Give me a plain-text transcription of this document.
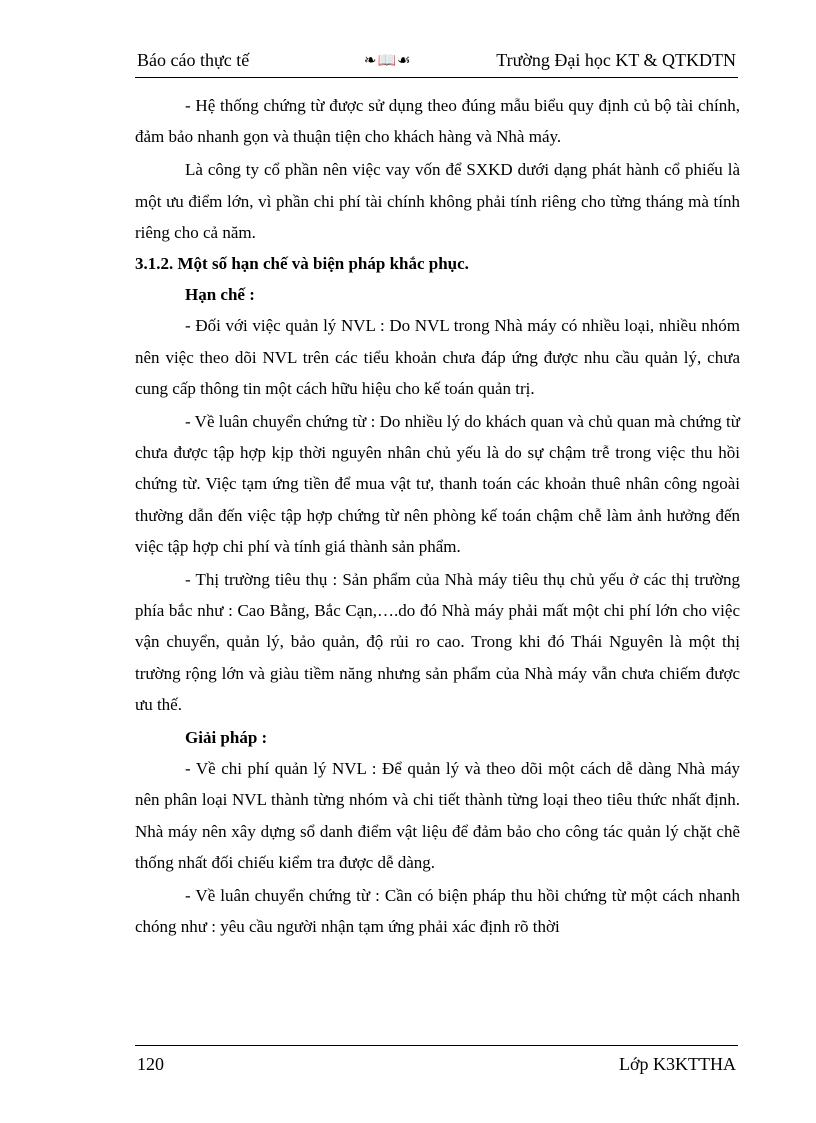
Báo cáo thực tế	❧📖☙	Trường Đại học KT & QTKDTN

- Hệ thống chứng từ được sử dụng theo đúng mẫu biểu quy định củ bộ tài chính, đảm bảo nhanh gọn và thuận tiện cho khách hàng và Nhà máy.

Là công ty cổ phần nên việc vay vốn để SXKD dưới dạng phát hành cổ phiếu là một ưu điểm lớn, vì phần chi phí tài chính không phải tính riêng cho từng tháng mà tính riêng cho cả năm.

3.1.2. Một số hạn chế và biện pháp khắc phục.

Hạn chế :

- Đối với việc quản lý NVL : Do NVL trong Nhà máy có nhiều loại, nhiều nhóm nên việc theo dõi NVL trên các tiểu khoản chưa đáp ứng được nhu cầu quản lý, chưa cung cấp thông tin một cách hữu hiệu cho kế toán quản trị.

- Về luân chuyển chứng từ : Do nhiều lý do khách quan và chủ quan mà chứng từ chưa được tập hợp kịp thời nguyên nhân chủ yếu là do sự chậm trễ trong việc thu hồi chứng từ. Việc tạm ứng tiền để mua vật tư, thanh toán các khoản thuê nhân công ngoài thường dẫn đến việc tập hợp chứng từ nên phòng kế toán chậm chễ làm ảnh hưởng đến việc tập hợp chi phí và tính giá thành sản phẩm.

- Thị trường tiêu thụ : Sản phẩm của Nhà máy tiêu thụ chủ yếu ở các thị trường phía bắc như : Cao Bằng, Bắc Cạn,….do đó Nhà máy phải mất một chi phí lớn cho việc vận chuyển, quản lý, bảo quản, độ rủi ro cao. Trong khi đó Thái Nguyên là một thị trường rộng lớn và giàu tiềm năng nhưng sản phẩm của Nhà máy vẫn chưa chiếm được ưu thế.

Giải pháp :

- Về chi phí quản lý NVL : Để quản lý và theo dõi một cách dễ dàng Nhà máy nên phân loại NVL thành từng nhóm và chi tiết thành từng loại theo tiêu thức nhất định. Nhà máy nên xây dựng sổ danh điểm vật liệu để đảm bảo cho công tác quản lý chặt chẽ thống nhất đối chiếu kiểm tra được dễ dàng.

- Về luân chuyển chứng từ : Cần có biện pháp thu hồi chứng từ một cách nhanh chóng như : yêu cầu người nhận tạm ứng phải xác định rõ thời

120	Lớp K3KTTHA
